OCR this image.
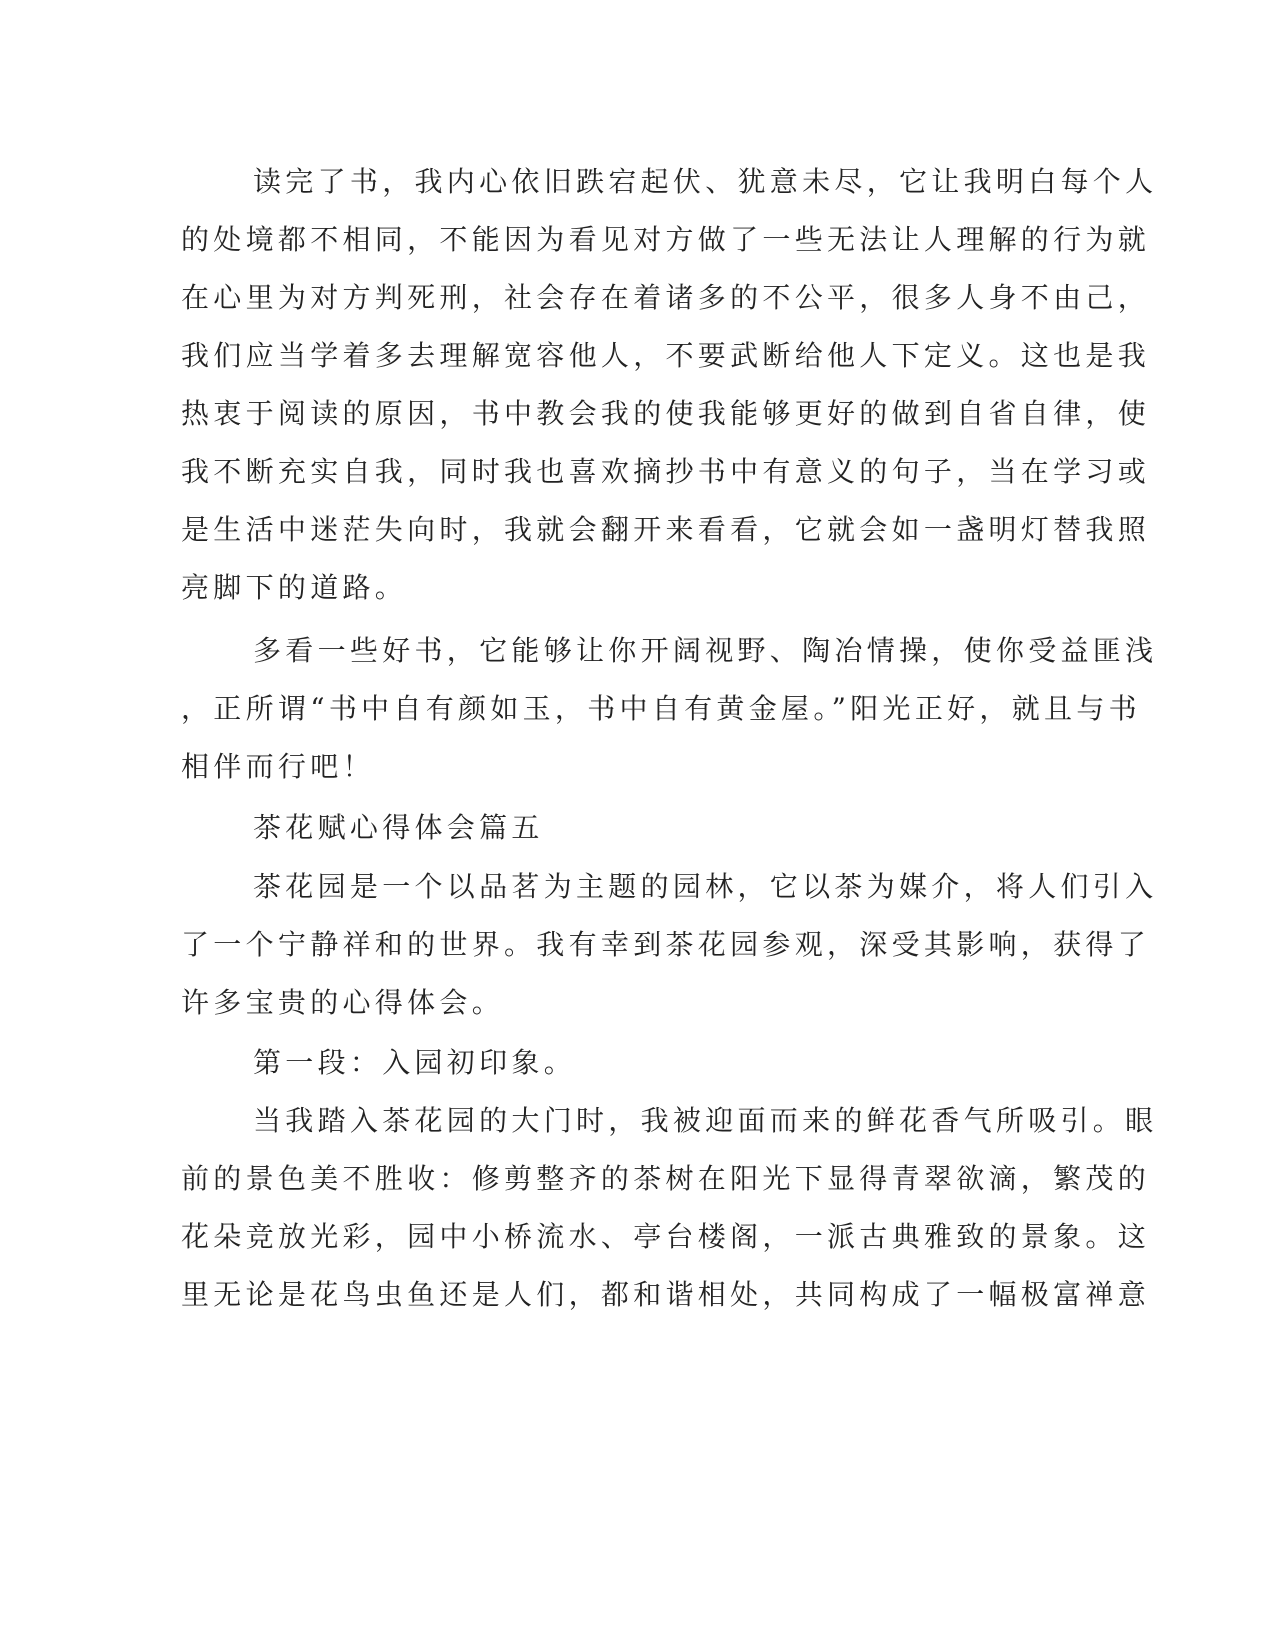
读完了书，我内心依旧跌宕起伏、犹意未尽，它让我明白每个人

的处境都不相同，不能因为看见对方做了一些无法让人理解的行为就

在心里为对方判死刑，社会存在着诸多的不公平，很多人身不由己，

我们应当学着多去理解宽容他人，不要武断给他人下定义。这也是我

热衷于阅读的原因，书中教会我的使我能够更好的做到自省自律，使

我不断充实自我，同时我也喜欢摘抄书中有意义的句子，当在学习或

是生活中迷茫失向时，我就会翻开来看看，它就会如一盏明灯替我照

亮脚下的道路。

多看一些好书，它能够让你开阔视野、陶冶情操，使你受益匪浅

，正所谓“书中自有颜如玉，书中自有黄金屋。”阳光正好，就且与书

相伴而行吧！

茶花赋心得体会篇五

茶花园是一个以品茗为主题的园林，它以茶为媒介，将人们引入

了一个宁静祥和的世界。我有幸到茶花园参观，深受其影响，获得了

许多宝贵的心得体会。

第一段：入园初印象。

当我踏入茶花园的大门时，我被迎面而来的鲜花香气所吸引。眼

前的景色美不胜收：修剪整齐的茶树在阳光下显得青翠欲滴，繁茂的

花朵竞放光彩，园中小桥流水、亭台楼阁，一派古典雅致的景象。这

里无论是花鸟虫鱼还是人们，都和谐相处，共同构成了一幅极富禅意
